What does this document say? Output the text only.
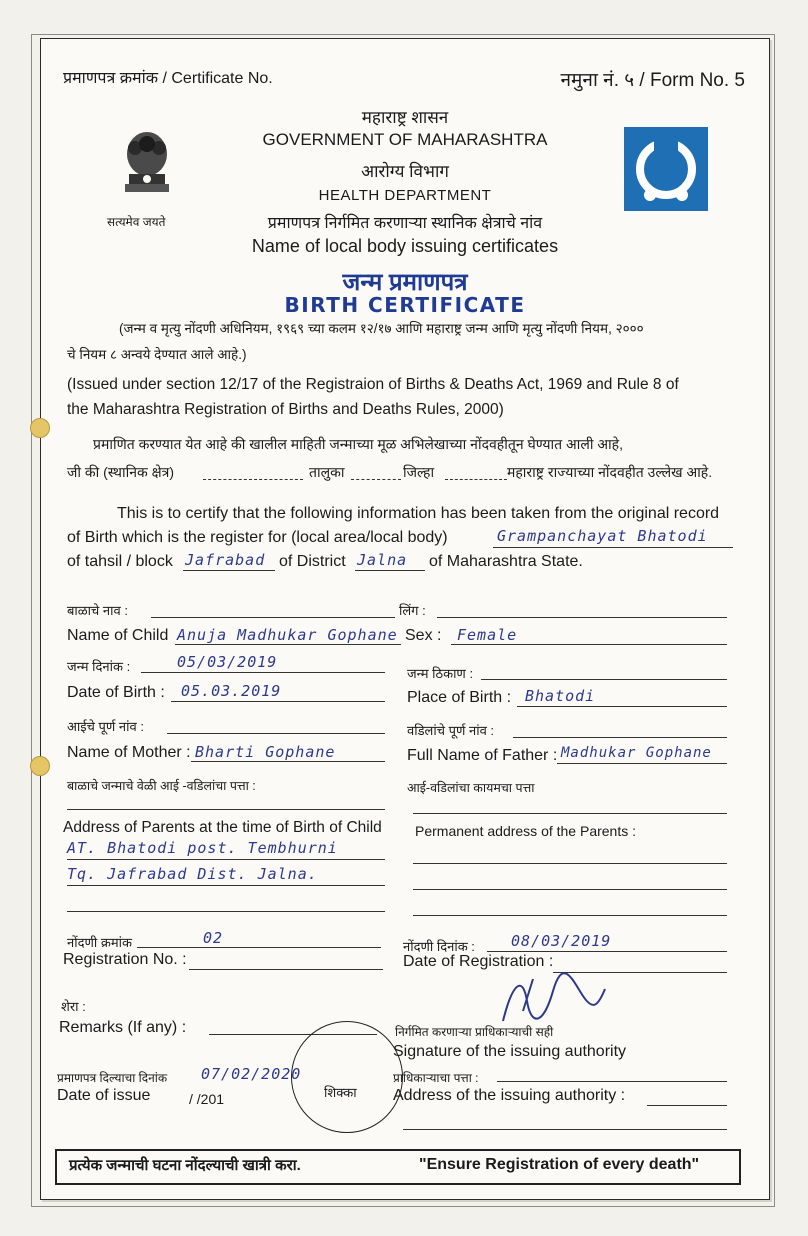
प्रमाणपत्र क्रमांक / Certificate No.	नमुना नं. ५ / Form No. 5
सत्यमेव जयते
महाराष्ट्र शासन
GOVERNMENT OF MAHARASHTRA
आरोग्य विभाग
HEALTH DEPARTMENT
प्रमाणपत्र निर्गमित करणाऱ्या स्थानिक क्षेत्राचे नांव
Name of local body issuing certificates
जन्म प्रमाणपत्र
BIRTH CERTIFICATE
(जन्म व मृत्यु नोंदणी अधिनियम, १९६९ च्या कलम १२/१७ आणि महाराष्ट्र जन्म आणि मृत्यु नोंदणी नियम, २०००
चे नियम ८ अन्वये देण्यात आले आहे.)
(Issued under section 12/17 of the Registraion of Births & Deaths Act, 1969 and Rule 8 of
the Maharashtra Registration of Births and Deaths Rules, 2000)
प्रमाणित करण्यात येत आहे की खालील माहिती जन्माच्या मूळ अभिलेखाच्या नोंदवहीतून घेण्यात आली आहे,
जी की (स्थानिक क्षेत्र)	तालुका	जिल्हा	महाराष्ट्र राज्याच्या नोंदवहीत उल्लेख आहे.
This is to certify that the following information has been taken from the original record
of Birth which is the register for (local area/local body)	Grampanchayat Bhatodi
of tahsil / block Jafrabad of District Jalna of Maharashtra State.
बाळाचे नाव :
Name of Child Anuja Madhukar Gophane
लिंग :
Sex : Female
जन्म दिनांक :	05/03/2019
Date of Birth : 05.03.2019
जन्म ठिकाण :
Place of Birth : Bhatodi
आईचे पूर्ण नांव :
Name of Mother : Bharti Gophane
वडिलांचे पूर्ण नांव :
Full Name of Father : Madhukar Gophane
बाळाचे जन्माचे वेळी आई -वडिलांचा पत्ता :
Address of Parents at the time of Birth of Child
AT. Bhatodi post. Tembhurni
Tq. Jafrabad Dist. Jalna.
आई-वडिलांचा कायमचा पत्ता
Permanent address of the Parents :
नोंदणी क्रमांक	02
Registration No. :
नोंदणी दिनांक : 08/03/2019
Date of Registration :
शेरा :
Remarks (If any) :	निर्गमित करणाऱ्या प्राधिकाऱ्याची सही
Signature of the issuing authority
प्रमाणपत्र दिल्याचा दिनांक 07/02/2020
Date of issue	/ /201	शिक्का
प्राधिकाऱ्याचा पत्ता :
Address of the issuing authority :
प्रत्येक जन्माची घटना नोंदल्याची खात्री करा.	"Ensure Registration of every death"
